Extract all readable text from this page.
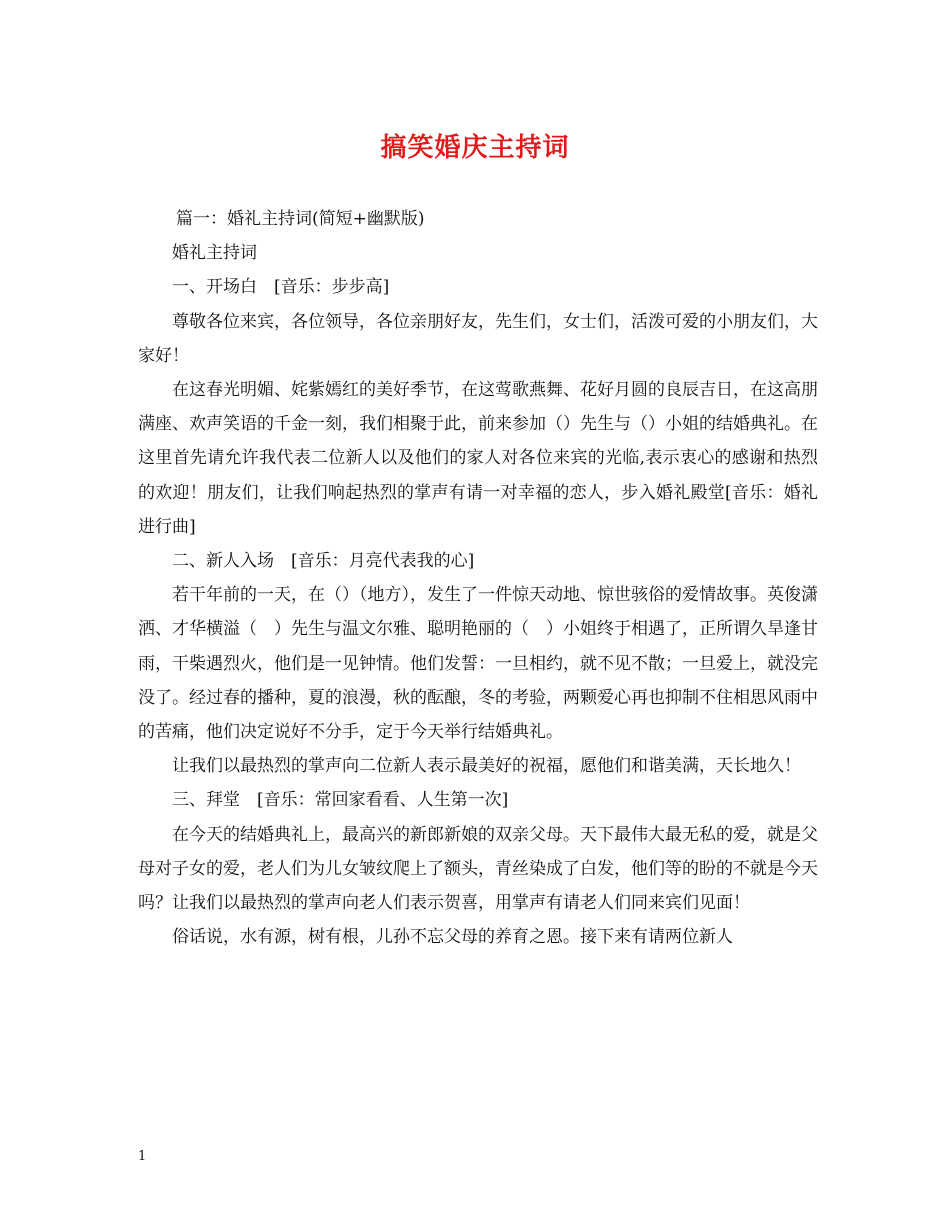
搞笑婚庆主持词

篇一：婚礼主持词(简短+幽默版)

婚礼主持词

一、开场白　[音乐：步步高]

尊敬各位来宾，各位领导，各位亲朋好友，先生们，女士们，活泼可爱的小朋友们，大家好！

在这春光明媚、姹紫嫣红的美好季节，在这莺歌燕舞、花好月圆的良辰吉日，在这高朋满座、欢声笑语的千金一刻，我们相聚于此，前来参加（）先生与（）小姐的结婚典礼。在这里首先请允许我代表二位新人以及他们的家人对各位来宾的光临,表示衷心的感谢和热烈的欢迎！朋友们，让我们响起热烈的掌声有请一对幸福的恋人，步入婚礼殿堂[音乐：婚礼进行曲]

二、新人入场　[音乐：月亮代表我的心]

若干年前的一天，在（）（地方），发生了一件惊天动地、惊世骇俗的爱情故事。英俊潇洒、才华横溢（　）先生与温文尔雅、聪明艳丽的（　）小姐终于相遇了，正所谓久旱逢甘雨，干柴遇烈火，他们是一见钟情。他们发誓：一旦相约，就不见不散；一旦爱上，就没完没了。经过春的播种，夏的浪漫，秋的酝酿，冬的考验，两颗爱心再也抑制不住相思风雨中的苦痛，他们决定说好不分手，定于今天举行结婚典礼。

让我们以最热烈的掌声向二位新人表示最美好的祝福，愿他们和谐美满，天长地久！

三、拜堂　[音乐：常回家看看、人生第一次]

在今天的结婚典礼上，最高兴的新郎新娘的双亲父母。天下最伟大最无私的爱，就是父母对子女的爱，老人们为儿女皱纹爬上了额头，青丝染成了白发，他们等的盼的不就是今天吗？让我们以最热烈的掌声向老人们表示贺喜，用掌声有请老人们同来宾们见面！

俗话说，水有源，树有根，儿孙不忘父母的养育之恩。接下来有请两位新人

1
